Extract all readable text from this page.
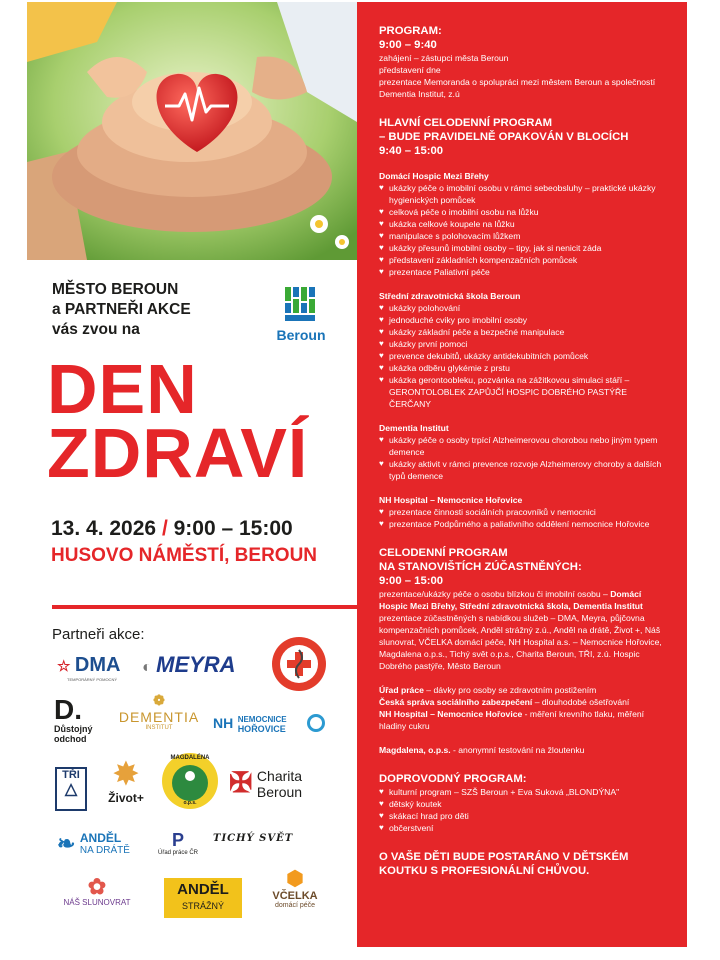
MĚSTO BEROUN
a PARTNEŘI AKCE
vás zvou na	Beroun
DEN
ZDRAVÍ
13. 4. 2026 / 9:00 – 15:00
HUSOVO NÁMĚSTÍ, BEROUN
Partneři akce:
☆ DMA
TEMPORÁRNÝ POMOCNÝ
◐ MEYRA
D.
Důstojný
odchod
❁
DEMENTIA
INSTITUT	NH NEMOCNICE
HOŘOVICE
TŘI
△	✸
Život+
MAGDALÉNA
o.p.s.
✠ Charita
Beroun
❧ ANDĚL
NA DRÁTĚ
P
Úřad práce ČR
TICHÝ SVĚT
✿
NÁŠ SLUNOVRAT
ANDĚL
STRÁŽNÝ
⬢
VČELKA
domácí péče
PROGRAM:
9:00 – 9:40
zahájení – zástupci města Beroun
představení dne
prezentace Memoranda o spolupráci mezi městem Beroun a společností Dementia Institut, z.ú
HLAVNÍ CELODENNÍ PROGRAM
– BUDE PRAVIDELNĚ OPAKOVÁN V BLOCÍCH
9:40 – 15:00
Domácí Hospic Mezi Břehy
♥ ukázky péče o imobilní osobu v rámci sebeobsluhy – praktické ukázky hygienických pomůcek
♥ celková péče o imobilní osobu na lůžku
♥ ukázka celkové koupele na lůžku
♥ manipulace s polohovacím lůžkem
♥ ukázky přesunů imobilní osoby – tipy, jak si nenicit záda
♥ představení základních kompenzačních pomůcek
♥ prezentace Paliativní péče
Střední zdravotnická škola Beroun
♥ ukázky polohování
♥ jednoduché cviky pro imobilní osoby
♥ ukázky základní péče a bezpečné manipulace
♥ ukázky první pomoci
♥ prevence dekubitů, ukázky antidekubitních pomůcek
♥ ukázka odběru glykémie z prstu
♥ ukázka gerontoobleku, pozvánka na zážitkovou simulaci stáří – GERONTOLOBLEK ZAPŮJČÍ HOSPIC DOBRÉHO PASTÝŘE ČERČANY
Dementia Institut
♥ ukázky péče o osoby trpící Alzheimerovou chorobou nebo jiným typem demence
♥ ukázky aktivit v rámci prevence rozvoje Alzheimerovy choroby a dalších typů demence
NH Hospital – Nemocnice Hořovice
♥ prezentace činnosti sociálních pracovníků v nemocnici
♥ prezentace Podpůrného a paliativního oddělení nemocnice Hořovice
CELODENNÍ PROGRAM
NA STANOVIŠTÍCH ZÚČASTNĚNÝCH:
9:00 – 15:00
prezentace/ukázky péče o osobu blízkou či imobilní osobu – Domácí Hospic Mezi Břehy, Střední zdravotnická škola, Dementia Institut
prezentace zúčastněných s nabídkou služeb – DMA, Meyra, půjčovna kompenzačních pomůcek, Anděl strážný z.ú., Anděl na drátě, Život +, Náš slunovrat, VČELKA domácí péče, NH Hospital a.s. – Nemocnice Hořovice, Magdalena o.p.s., Tichý svět o.p.s., Charita Beroun, TŘI, z.ú. Hospic Dobrého pastýře, Město Beroun
Úřad práce – dávky pro osoby se zdravotním postižením
Česká správa sociálního zabezpečení – dlouhodobé ošetřování
NH Hospital – Nemocnice Hořovice - měření krevního tlaku, měření hladiny cukru
Magdalena, o.p.s. - anonymní testování na žloutenku
DOPROVODNÝ PROGRAM:
♥ kulturní program – SZŠ Beroun + Eva Suková „BLONDÝNA"
♥ dětský koutek
♥ skákací hrad pro děti
♥ občerstvení
O VAŠE DĚTI BUDE POSTARÁNO V DĚTSKÉM KOUTKU S PROFESIONÁLNÍ CHŮVOU.
